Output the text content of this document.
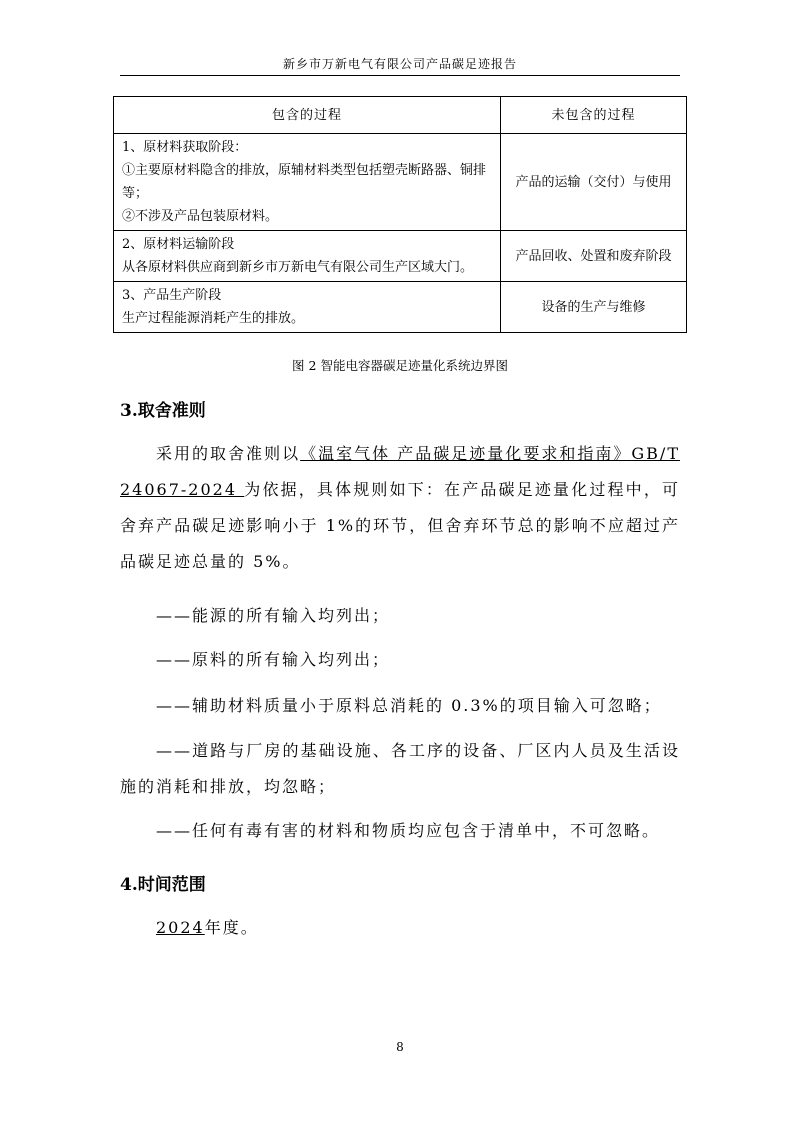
新乡市万新电气有限公司产品碳足迹报告
包含的过程	未包含的过程

1、原材料获取阶段：
①主要原材料隐含的排放，原辅材料类型包括塑壳断路器、铜排等；
②不涉及产品包装原材料。	产品的运输（交付）与使用

2、原材料运输阶段
从各原材料供应商到新乡市万新电气有限公司生产区域大门。	产品回收、处置和废弃阶段

3、产品生产阶段
生产过程能源消耗产生的排放。	设备的生产与维修
图 2 智能电容器碳足迹量化系统边界图
3.取舍准则

采用的取舍准则以《温室气体 产品碳足迹量化要求和指南》GB/T 24067-2024 为依据，具体规则如下：在产品碳足迹量化过程中，可舍弃产品碳足迹影响小于 1%的环节，但舍弃环节总的影响不应超过产品碳足迹总量的 5%。

——能源的所有输入均列出；

——原料的所有输入均列出；

——辅助材料质量小于原料总消耗的 0.3%的项目输入可忽略；

——道路与厂房的基础设施、各工序的设备、厂区内人员及生活设施的消耗和排放，均忽略；

——任何有毒有害的材料和物质均应包含于清单中，不可忽略。

4.时间范围

2024年度。

8
